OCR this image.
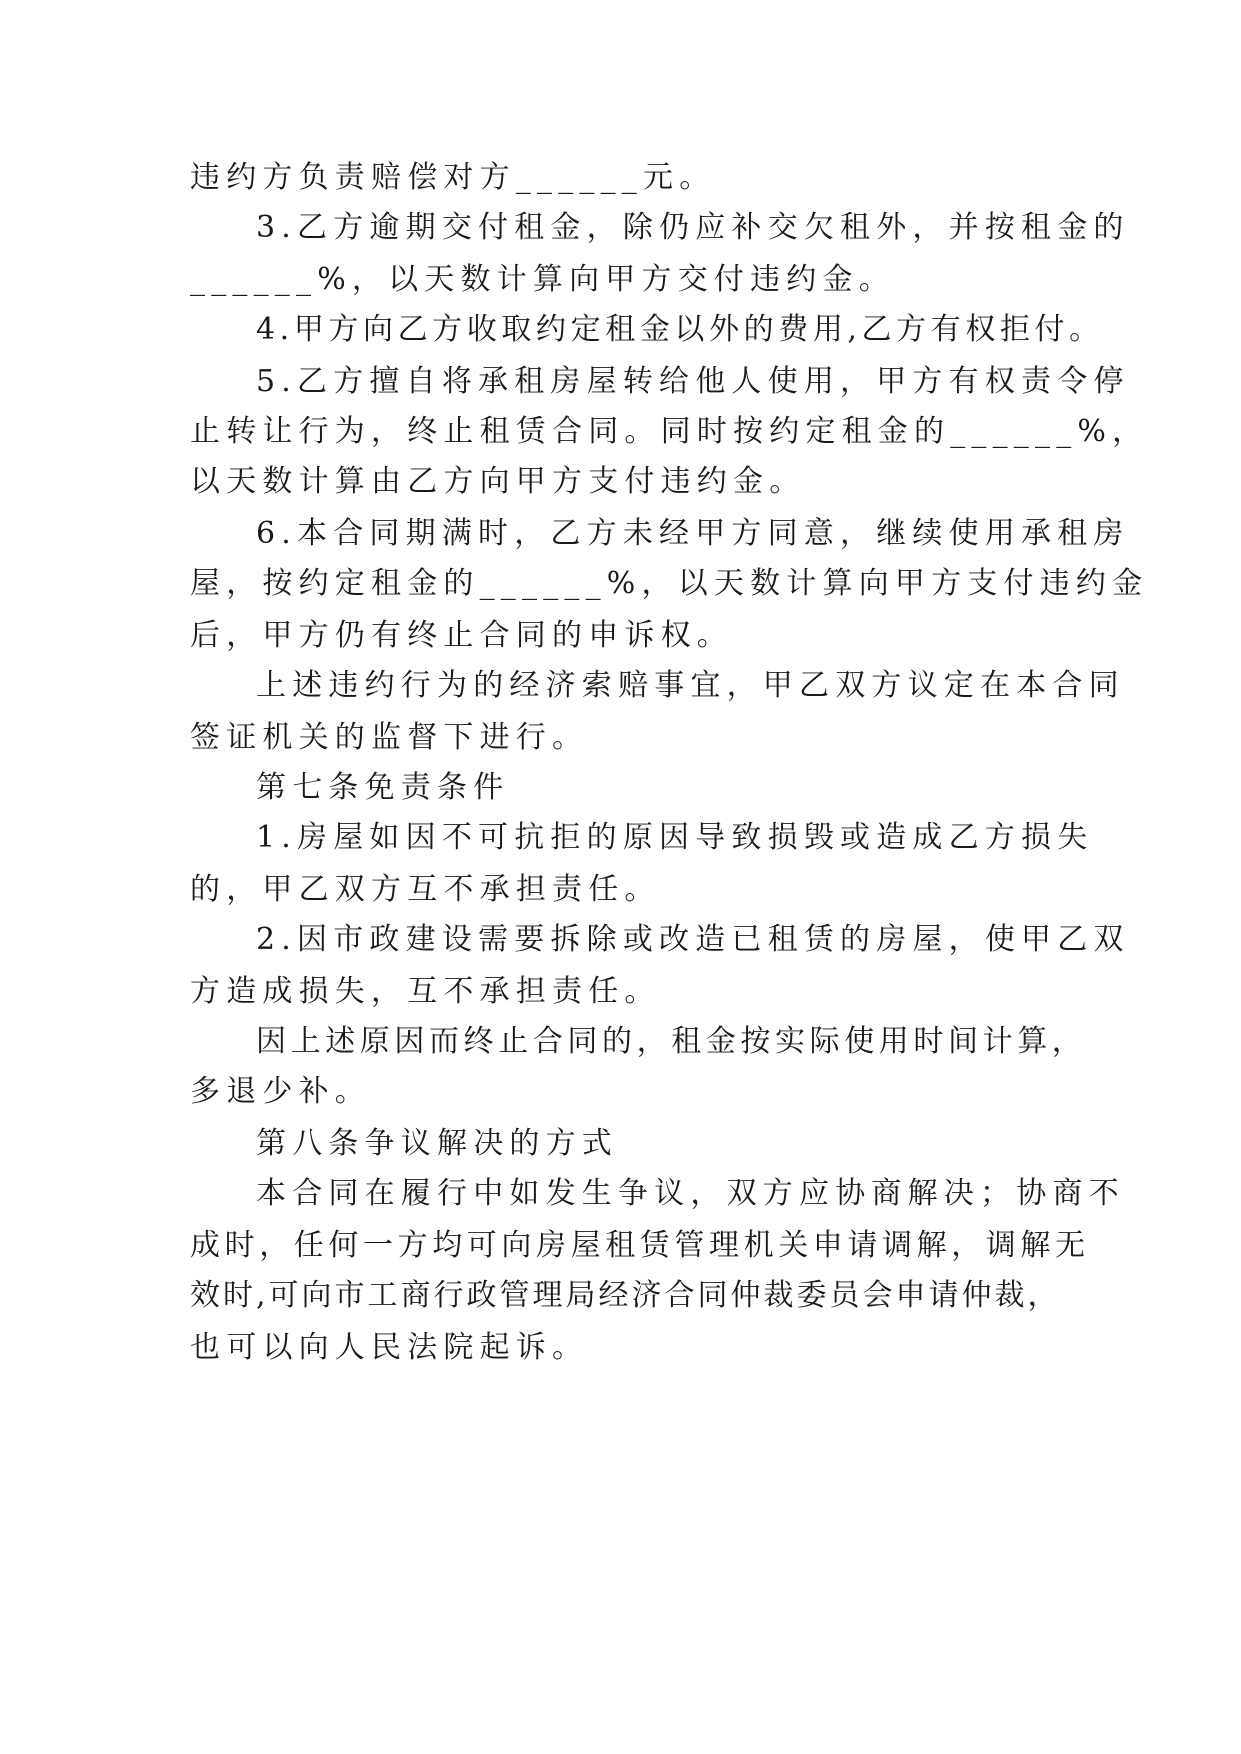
违约方负责赔偿对方______元。
3.乙方逾期交付租金，除仍应补交欠租外，并按租金的
______%，以天数计算向甲方交付违约金。
4.甲方向乙方收取约定租金以外的费用,乙方有权拒付。
5.乙方擅自将承租房屋转给他人使用，甲方有权责令停
止转让行为，终止租赁合同。同时按约定租金的______%，
以天数计算由乙方向甲方支付违约金。
6.本合同期满时，乙方未经甲方同意，继续使用承租房
屋，按约定租金的______%，以天数计算向甲方支付违约金
后，甲方仍有终止合同的申诉权。
上述违约行为的经济索赔事宜，甲乙双方议定在本合同
签证机关的监督下进行。
第七条免责条件
1.房屋如因不可抗拒的原因导致损毁或造成乙方损失
的，甲乙双方互不承担责任。
2.因市政建设需要拆除或改造已租赁的房屋，使甲乙双
方造成损失，互不承担责任。
因上述原因而终止合同的，租金按实际使用时间计算，
多退少补。
第八条争议解决的方式
本合同在履行中如发生争议，双方应协商解决；协商不
成时，任何一方均可向房屋租赁管理机关申请调解，调解无
效时,可向市工商行政管理局经济合同仲裁委员会申请仲裁，
也可以向人民法院起诉。
